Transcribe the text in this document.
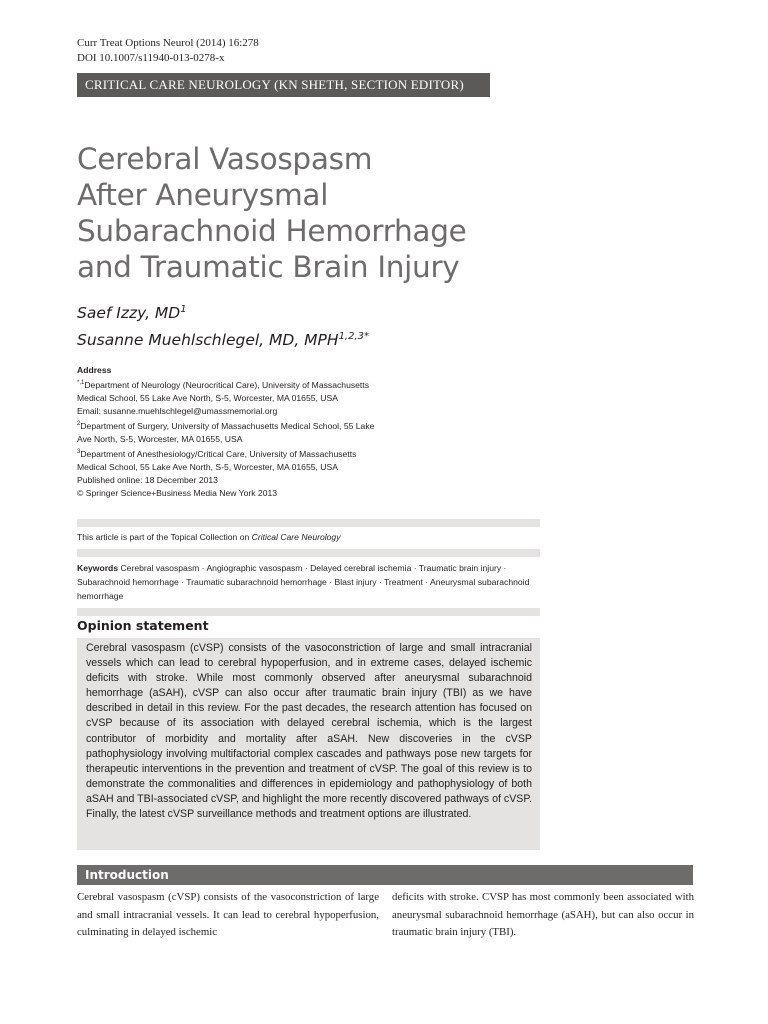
Curr Treat Options Neurol (2014) 16:278
DOI 10.1007/s11940-013-0278-x
CRITICAL CARE NEUROLOGY (KN SHETH, SECTION EDITOR)
Cerebral Vasospasm
After Aneurysmal
Subarachnoid Hemorrhage
and Traumatic Brain Injury
Saef Izzy, $MD^1$
Susanne Muehlschlegel, MD, $MPH^{1,2,3*}$
Address
$^{*,1}$Department of Neurology (Neurocritical Care), University of Massachusetts
Medical School, 55 Lake Ave North, S-5, Worcester, MA 01655, USA
Email: susanne.muehlschlegel@umassmemorial.org
$^2$Department of Surgery, University of Massachusetts Medical School, 55 Lake
Ave North, S-5, Worcester, MA 01655, USA
$^3$Department of Anesthesiology/Critical Care, University of Massachusetts
Medical School, 55 Lake Ave North, S-5, Worcester, MA 01655, USA
Published online: 18 December 2013
© Springer Science+Business Media New York 2013
This article is part of the Topical Collection on Critical Care Neurology
Keywords Cerebral vasospasm · Angiographic vasospasm · Delayed cerebral ischemia · Traumatic brain injury · Subarachnoid hemorrhage · Traumatic subarachnoid hemorrhage · Blast injury · Treatment · Aneurysmal subarachnoid hemorrhage
Opinion statement
Cerebral vasospasm (cVSP) consists of the vasoconstriction of large and small intracranial vessels which can lead to cerebral hypoperfusion, and in extreme cases, delayed ischemic deficits with stroke. While most commonly observed after aneurysmal subarachnoid hemorrhage (aSAH), cVSP can also occur after traumatic brain injury (TBI) as we have described in detail in this review. For the past decades, the research attention has focused on cVSP because of its association with delayed cerebral ischemia, which is the largest contributor of morbidity and mortality after aSAH. New discoveries in the cVSP pathophysiology involving multifactorial complex cascades and pathways pose new targets for therapeutic interventions in the prevention and treatment of cVSP. The goal of this review is to demonstrate the commonalities and differences in epidemiology and pathophysiology of both aSAH and TBI-associated cVSP, and highlight the more recently discovered pathways of cVSP. Finally, the latest cVSP surveillance methods and treatment options are illustrated.
Introduction
Cerebral vasospasm (cVSP) consists of the vasoconstriction of large and small intracranial vessels. It can lead to cerebral hypoperfusion, culminating in delayed ischemic
deficits with stroke. CVSP has most commonly been associated with aneurysmal subarachnoid hemorrhage (aSAH), but can also occur in traumatic brain injury (TBI).
